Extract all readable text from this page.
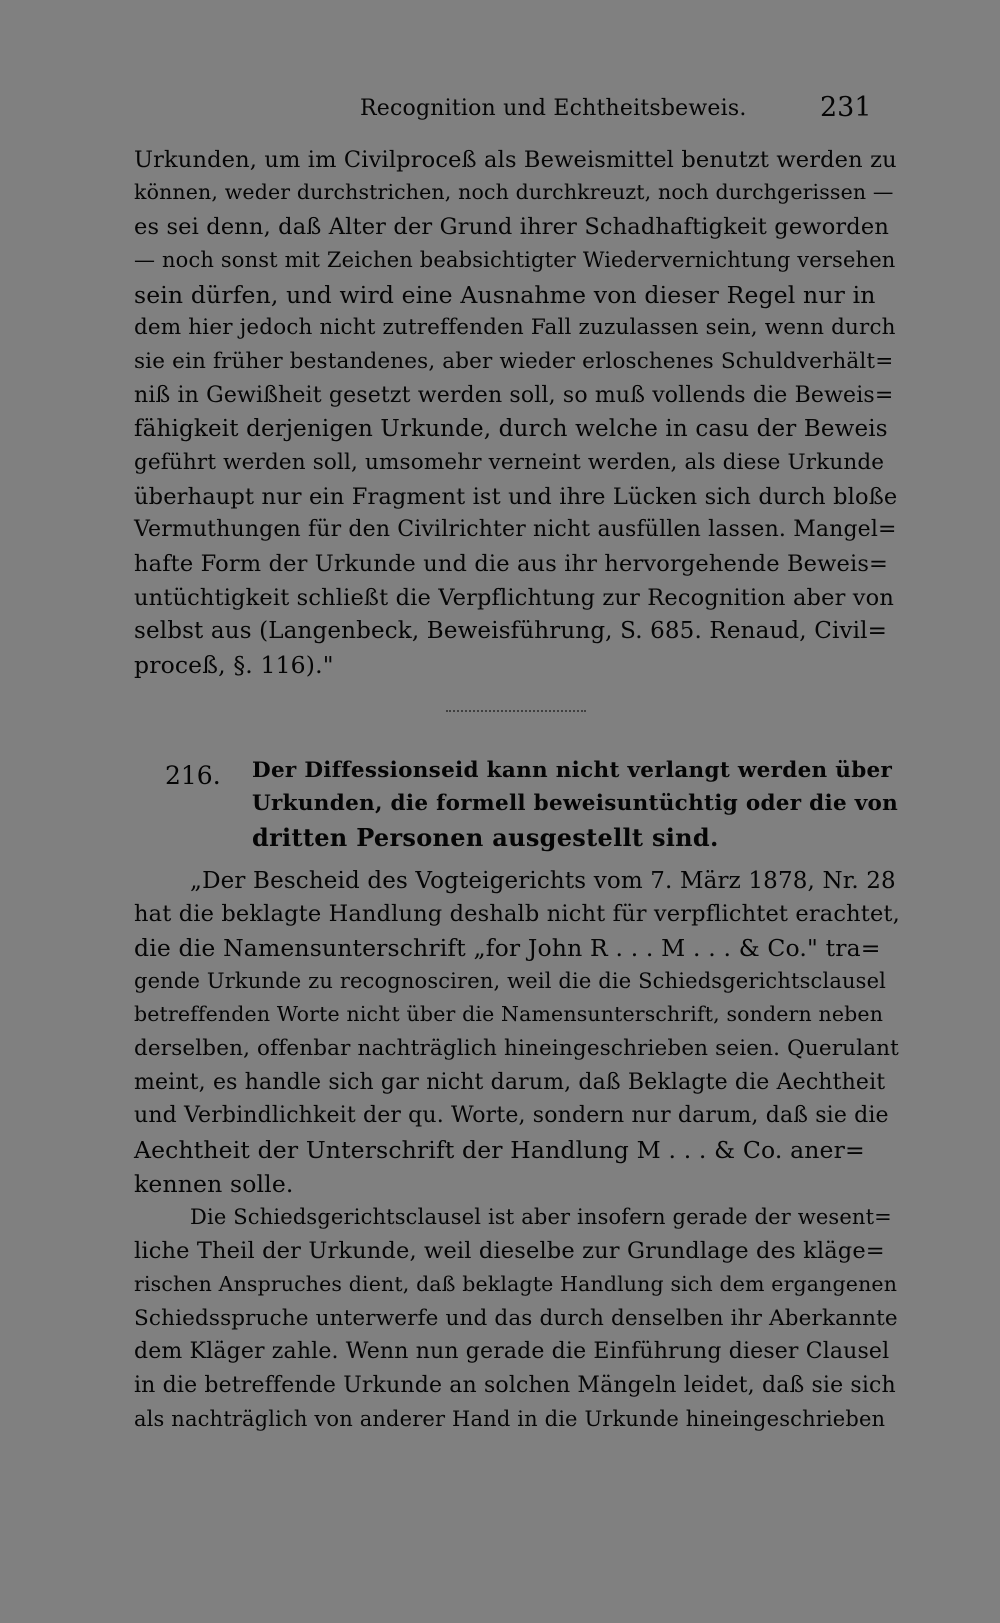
Recognition und Echtheitsbeweis.	231
Urkunden, um im Civilproceß als Beweismittel benutzt werden zu
können, weder durchstrichen, noch durchkreuzt, noch durchgerissen —
es sei denn, daß Alter der Grund ihrer Schadhaftigkeit geworden
— noch sonst mit Zeichen beabsichtigter Wiedervernichtung versehen
sein dürfen, und wird eine Ausnahme von dieser Regel nur in
dem hier jedoch nicht zutreffenden Fall zuzulassen sein, wenn durch
sie ein früher bestandenes, aber wieder erloschenes Schuldverhält=
niß in Gewißheit gesetzt werden soll, so muß vollends die Beweis=
fähigkeit derjenigen Urkunde, durch welche in casu der Beweis
geführt werden soll, umsomehr verneint werden, als diese Urkunde
überhaupt nur ein Fragment ist und ihre Lücken sich durch bloße
Vermuthungen für den Civilrichter nicht ausfüllen lassen. Mangel=
hafte Form der Urkunde und die aus ihr hervorgehende Beweis=
untüchtigkeit schließt die Verpflichtung zur Recognition aber von
selbst aus (Langenbeck, Beweisführung, S. 685. Renaud, Civil=
proceß, §. 116)."
216. Der Diffessionseid kann nicht verlangt werden über
Urkunden, die formell beweisuntüchtig oder die von
dritten Personen ausgestellt sind.
„Der Bescheid des Vogteigerichts vom 7. März 1878, Nr. 28
hat die beklagte Handlung deshalb nicht für verpflichtet erachtet,
die die Namensunterschrift „for John R . . . M . . . & Co." tra=
gende Urkunde zu recognosciren, weil die die Schiedsgerichtsclausel
betreffenden Worte nicht über die Namensunterschrift, sondern neben
derselben, offenbar nachträglich hineingeschrieben seien. Querulant
meint, es handle sich gar nicht darum, daß Beklagte die Aechtheit
und Verbindlichkeit der qu. Worte, sondern nur darum, daß sie die
Aechtheit der Unterschrift der Handlung M . . . & Co. aner=
kennen solle.
Die Schiedsgerichtsclausel ist aber insofern gerade der wesent=
liche Theil der Urkunde, weil dieselbe zur Grundlage des kläge=
rischen Anspruches dient, daß beklagte Handlung sich dem ergangenen
Schiedsspruche unterwerfe und das durch denselben ihr Aberkannte
dem Kläger zahle. Wenn nun gerade die Einführung dieser Clausel
in die betreffende Urkunde an solchen Mängeln leidet, daß sie sich
als nachträglich von anderer Hand in die Urkunde hineingeschrieben
